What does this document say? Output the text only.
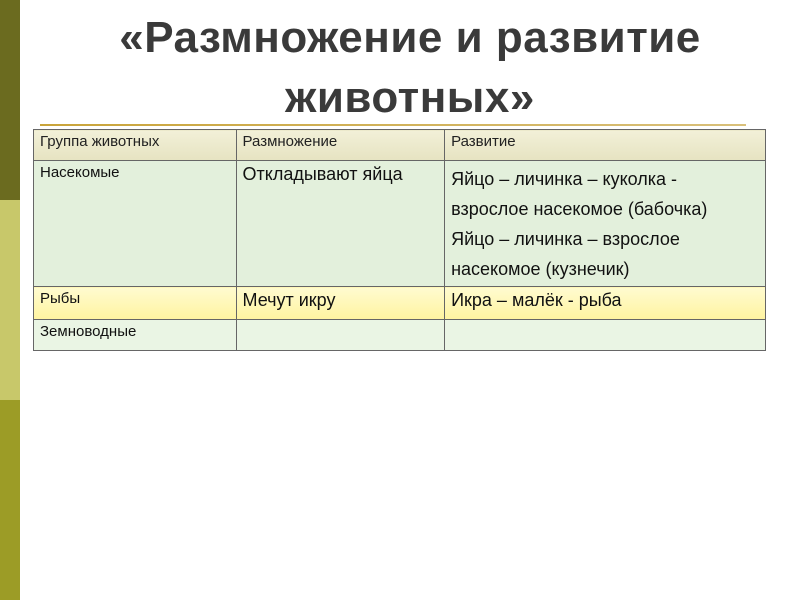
«Размножение и развитие
животных»
Группа животных	Размножение	Развитие
Насекомые	Откладывают яйца	Яйцо – личинка – куколка -
взрослое насекомое (бабочка)
Яйцо – личинка – взрослое
насекомое (кузнечик)

Рыбы	Мечут икру	Икра – малёк - рыба
Земноводные		
